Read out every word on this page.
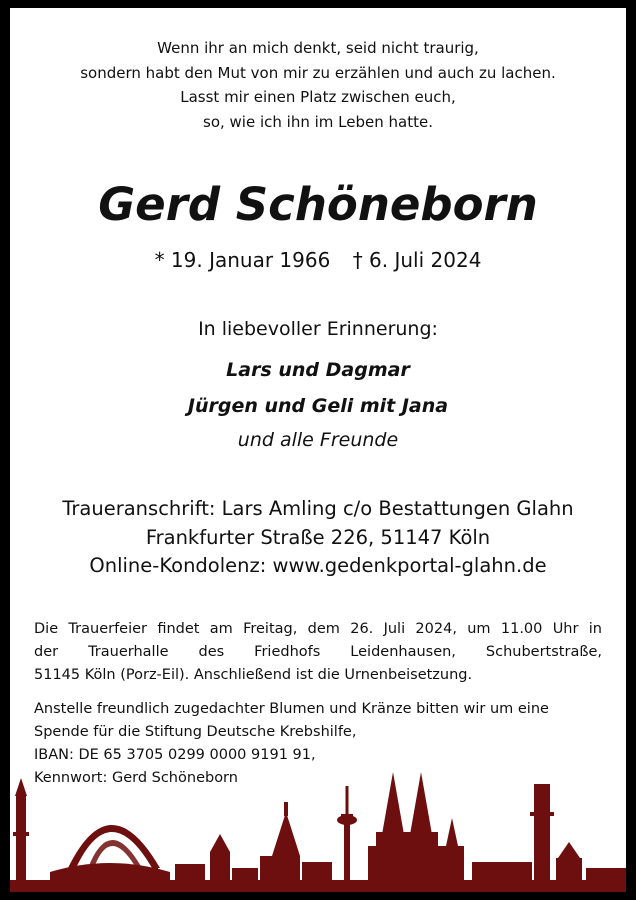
Wenn ihr an mich denkt, seid nicht traurig,
sondern habt den Mut von mir zu erzählen und auch zu lachen.
Lasst mir einen Platz zwischen euch,
so, wie ich ihn im Leben hatte.
Gerd Schöneborn
* 19. Januar 1966 † 6. Juli 2024
In liebevoller Erinnerung:
Lars und Dagmar
Jürgen und Geli mit Jana
und alle Freunde
Traueranschrift: Lars Amling c/o Bestattungen Glahn
Frankfurter Straße 226, 51147 Köln
Online-Kondolenz: www.gedenkportal-glahn.de
Die Trauerfeier findet am Freitag, dem 26. Juli 2024, um 11.00 Uhr in
der Trauerhalle des Friedhofs Leidenhausen, Schubertstraße,
51145 Köln (Porz-Eil). Anschließend ist die Urnenbeisetzung.
Anstelle freundlich zugedachter Blumen und Kränze bitten wir um eine
Spende für die Stiftung Deutsche Krebshilfe,
IBAN: DE 65 3705 0299 0000 9191 91,
Kennwort: Gerd Schöneborn
